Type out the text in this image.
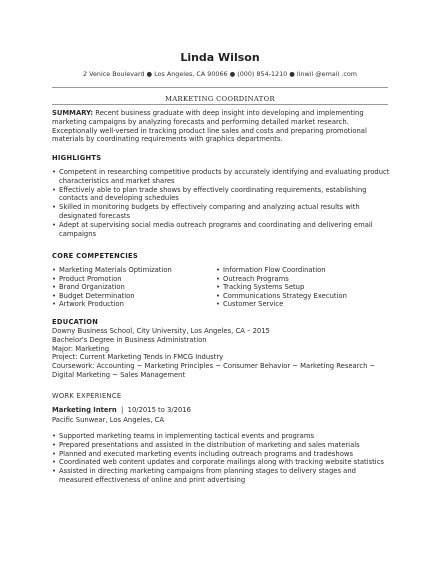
Linda Wilson
2 Venice Boulevard ● Los Angeles, CA 90066 ● (000) 854-1210 ● linwil @email .com
MARKETING COORDINATOR
SUMMARY: Recent business graduate with deep insight into developing and implementing marketing campaigns by analyzing forecasts and performing detailed market research. Exceptionally well-versed in tracking product line sales and costs and preparing promotional materials by coordinating requirements with graphics departments.
HIGHLIGHTS
• Competent in researching competitive products by accurately identifying and evaluating product characteristics and market shares
• Effectively able to plan trade shows by effectively coordinating requirements, establishing contacts and developing schedules
• Skilled in monitoring budgets by effectively comparing and analyzing actual results with designated forecasts
• Adept at supervising social media outreach programs and coordinating and delivering email campaigns
CORE COMPETENCIES
• Marketing Materials Optimization
• Product Promotion
• Brand Organization
• Budget Determination
• Artwork Production
• Information Flow Coordination
• Outreach Programs
• Tracking Systems Setup
• Communications Strategy Execution
• Customer Service
EDUCATION
Downy Business School, City University, Los Angeles, CA – 2015
Bachelor's Degree in Business Administration
Major: Marketing
Project: Current Marketing Tends in FMCG Industry
Coursework: Accounting ~ Marketing Principles ~ Consumer Behavior ~ Marketing Research ~ Digital Marketing ~ Sales Management
WORK EXPERIENCE
Marketing Intern  |  10/2015 to 3/2016
Pacific Sunwear, Los Angeles, CA
• Supported marketing teams in implementing tactical events and programs
• Prepared presentations and assisted in the distribution of marketing and sales materials
• Planned and executed marketing events including outreach programs and tradeshows
• Coordinated web content updates and corporate mailings along with tracking website statistics
• Assisted in directing marketing campaigns from planning stages to delivery stages and measured effectiveness of online and print advertising
